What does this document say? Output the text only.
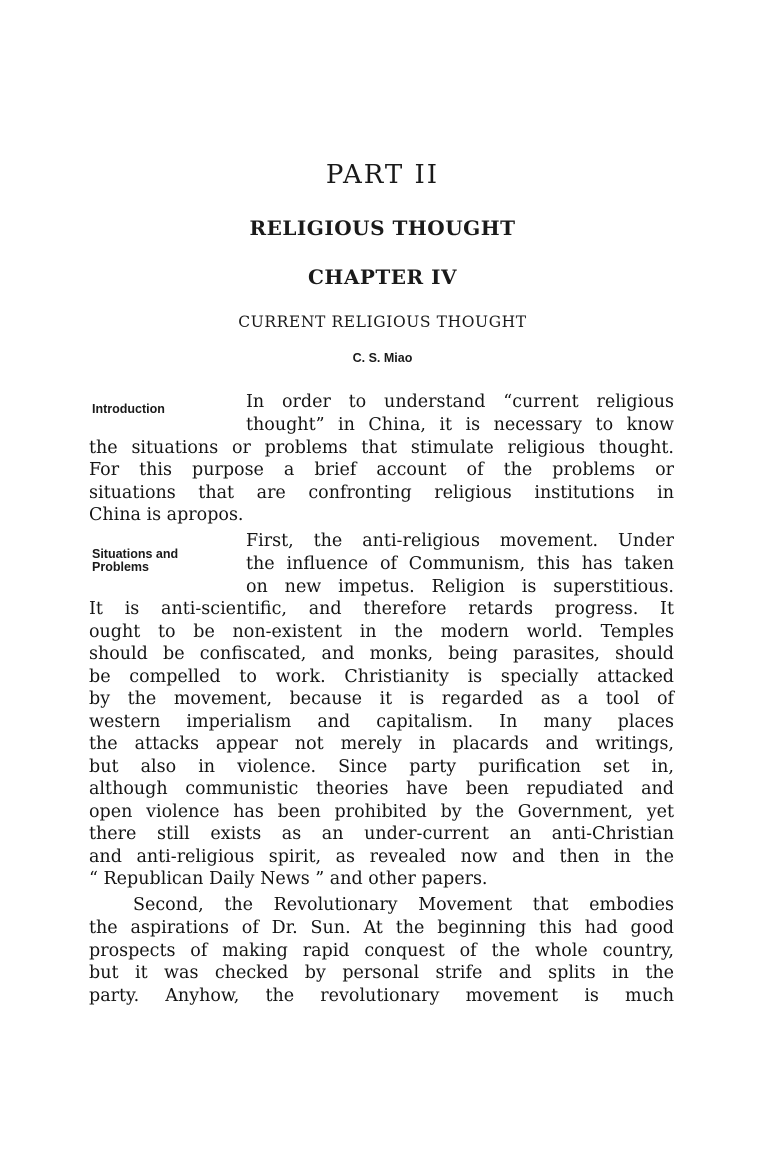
PART II
RELIGIOUS THOUGHT
CHAPTER IV
CURRENT RELIGIOUS THOUGHT
C. S. Miao
Introduction
Situations and
Problems
In order to understand “current religious
thought” in China, it is necessary to know
the situations or problems that stimulate religious thought.
For this purpose a brief account of the problems or
situations that are confronting religious institutions in
China is apropos.
First, the anti-religious movement. Under
the influence of Communism, this has taken
on new impetus. Religion is superstitious.
It is anti-scientific, and therefore retards progress. It
ought to be non-existent in the modern world. Temples
should be confiscated, and monks, being parasites, should
be compelled to work. Christianity is specially attacked
by the movement, because it is regarded as a tool of
western imperialism and capitalism. In many places
the attacks appear not merely in placards and writings,
but also in violence. Since party purification set in,
although communistic theories have been repudiated and
open violence has been prohibited by the Government, yet
there still exists as an under-current an anti-Christian
and anti-religious spirit, as revealed now and then in the
“ Republican Daily News ” and other papers.
Second, the Revolutionary Movement that embodies
the aspirations of Dr. Sun. At the beginning this had good
prospects of making rapid conquest of the whole country,
but it was checked by personal strife and splits in the
party. Anyhow, the revolutionary movement is much
